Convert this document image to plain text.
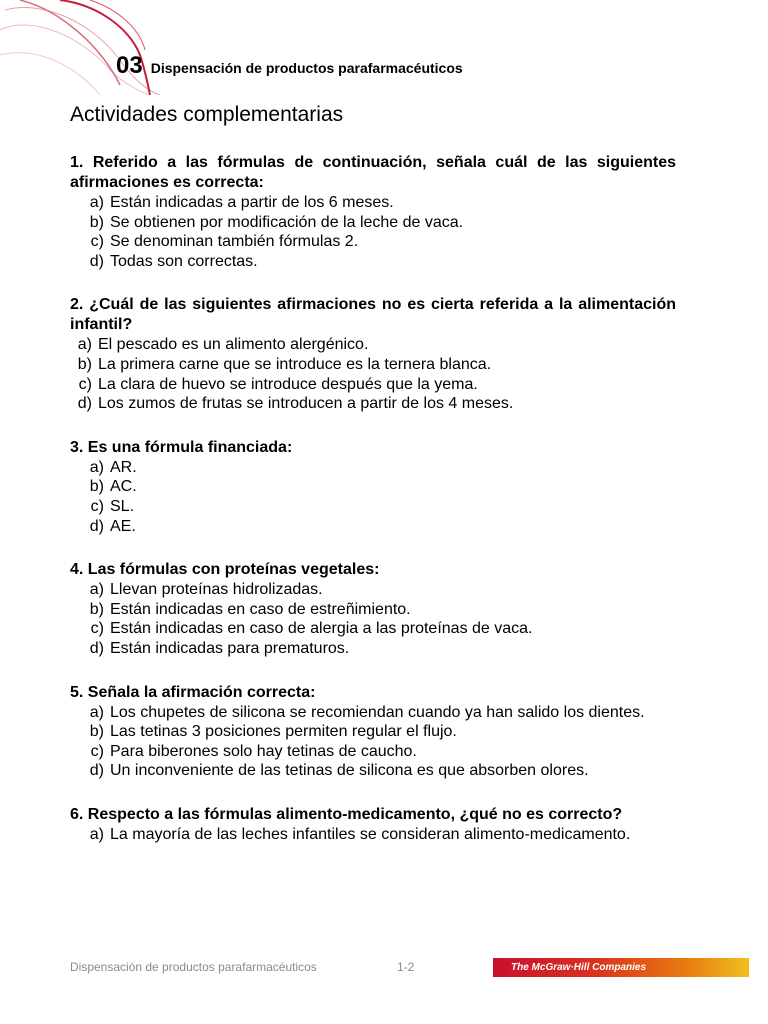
03 Dispensación de productos parafarmacéuticos
Actividades complementarias
1. Referido a las fórmulas de continuación, señala cuál de las siguientes afirmaciones es correcta:
a) Están indicadas a partir de los 6 meses.
b) Se obtienen por modificación de la leche de vaca.
c) Se denominan también fórmulas 2.
d) Todas son correctas.
2. ¿Cuál de las siguientes afirmaciones no es cierta referida a la alimentación infantil?
a) El pescado es un alimento alergénico.
b) La primera carne que se introduce es la ternera blanca.
c) La clara de huevo se introduce después que la yema.
d) Los zumos de frutas se introducen a partir de los 4 meses.
3. Es una fórmula financiada:
a) AR.
b) AC.
c) SL.
d) AE.
4. Las fórmulas con proteínas vegetales:
a) Llevan proteínas hidrolizadas.
b) Están indicadas en caso de estreñimiento.
c) Están indicadas en caso de alergia a las proteínas de vaca.
d) Están indicadas para prematuros.
5. Señala la afirmación correcta:
a) Los chupetes de silicona se recomiendan cuando ya han salido los dientes.
b) Las tetinas 3 posiciones permiten regular el flujo.
c) Para biberones solo hay tetinas de caucho.
d) Un inconveniente de las tetinas de silicona es que absorben olores.
6. Respecto a las fórmulas alimento-medicamento, ¿qué no es correcto?
a) La mayoría de las leches infantiles se consideran alimento-medicamento.
Dispensación de productos parafarmacéuticos	1-2	The McGraw·Hill Companies
